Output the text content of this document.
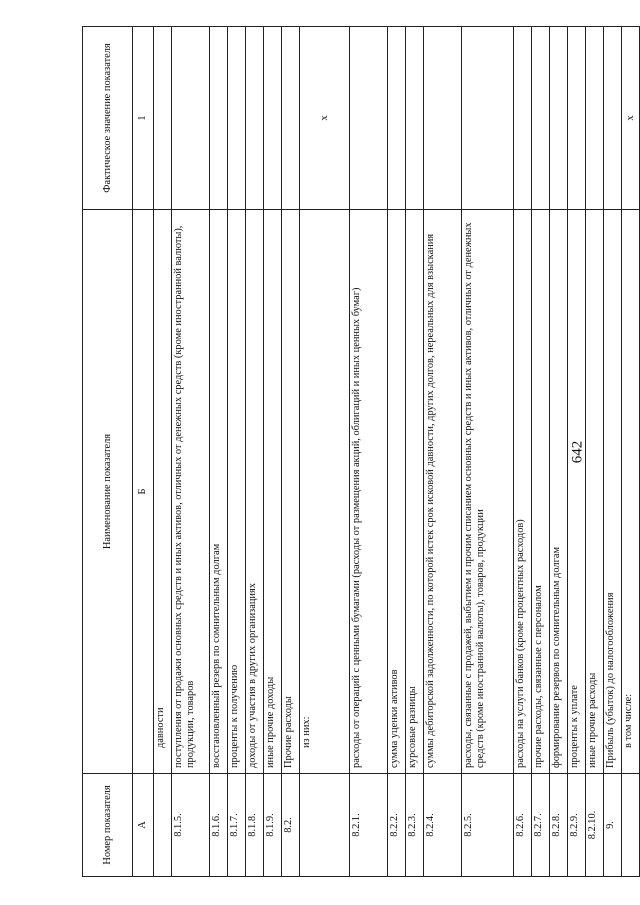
642
Номер показателя	Наименование показателя	Фактическое значение показателя
А	Б	1
	давности	
8.1.5.	поступления от продажи основных средств и иных активов, отличных от денежных средств (кроме иностранной валюты), продукции, товаров	
8.1.6.	восстановленный резерв по сомнительным долгам	
8.1.7.	проценты к получению	
8.1.8.	доходы от участия в других организациях	
8.1.9.	иные прочие доходы	
8.2.	Прочие расходы	
	из них:	x
8.2.1.	расходы от операций с ценными бумагами (расходы от размещения акций, облигаций и иных ценных бумаг)	
8.2.2.	сумма уценки активов	
8.2.3.	курсовые разницы	
8.2.4.	суммы дебиторской задолженности, по которой истек срок исковой давности, других долгов, нереальных для взыскания	
8.2.5.	расходы, связанные с продажей, выбытием и прочим списанием основных средств и иных активов, отличных от денежных средств (кроме иностранной валюты), товаров, продукции	
8.2.6.	расходы на услуги банков (кроме процентных расходов)	
8.2.7.	прочие расходы, связанные с персоналом	
8.2.8.	формирование резервов по сомнительным долгам	
8.2.9.	проценты к уплате	
8.2.10.	иные прочие расходы	
9.	Прибыль (убыток) до налогообложения	
	в том числе:	x
